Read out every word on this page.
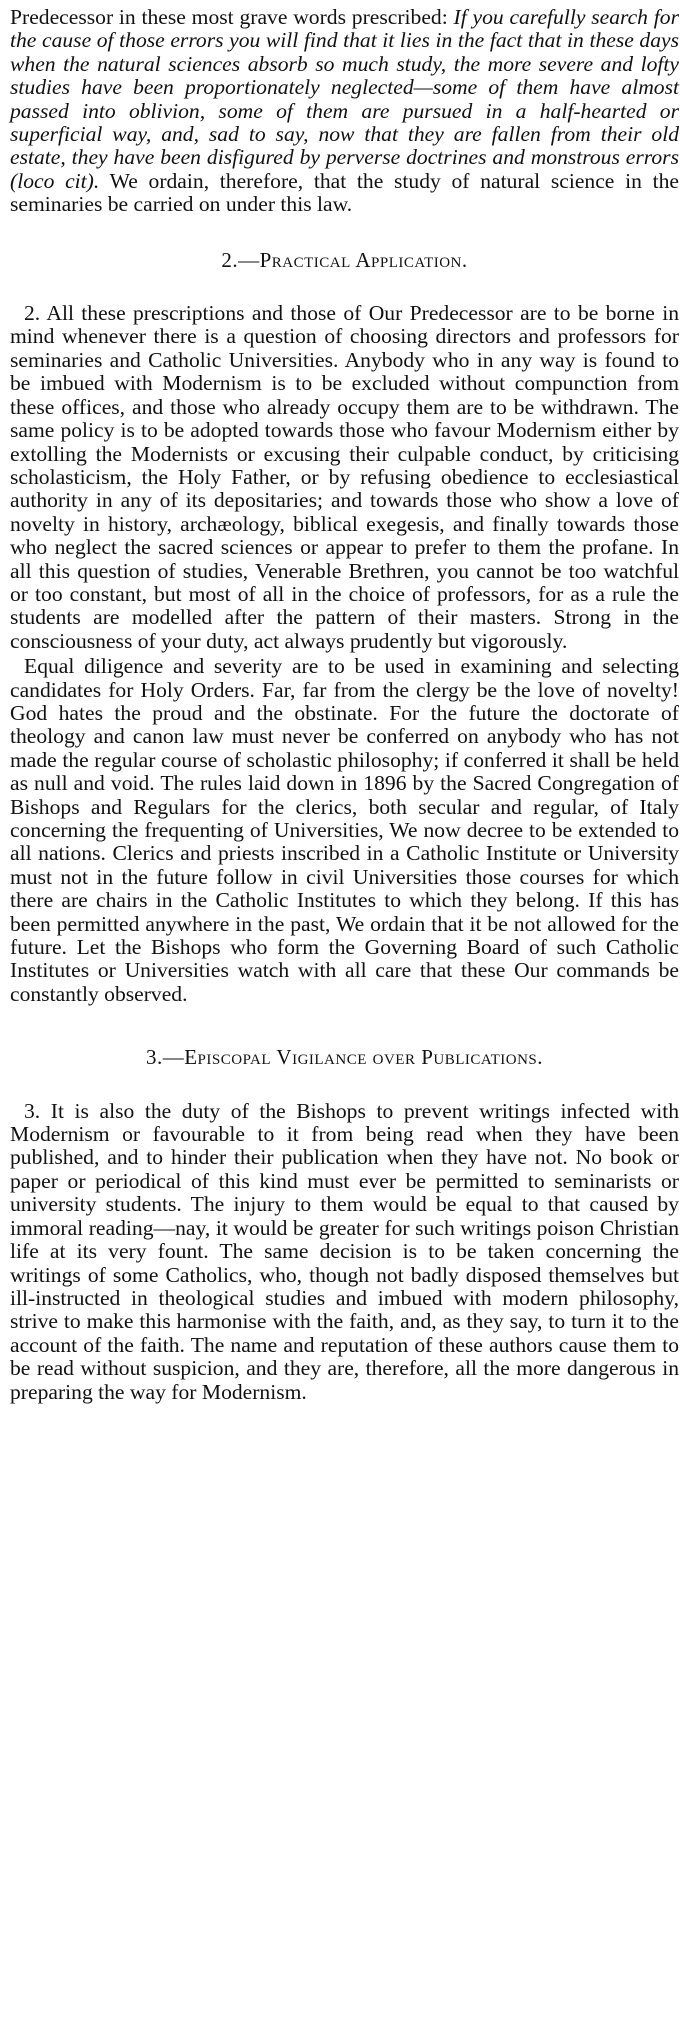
Predecessor in these most grave words prescribed: If you carefully search for the cause of those errors you will find that it lies in the fact that in these days when the natural sciences absorb so much study, the more severe and lofty studies have been proportionately neglected—some of them have almost passed into oblivion, some of them are pursued in a half-hearted or superficial way, and, sad to say, now that they are fallen from their old estate, they have been disfigured by perverse doctrines and monstrous errors (loco cit). We ordain, therefore, that the study of natural science in the seminaries be carried on under this law.

2.—Practical Application.

2. All these prescriptions and those of Our Predecessor are to be borne in mind whenever there is a question of choosing directors and professors for seminaries and Catholic Universities. Anybody who in any way is found to be imbued with Modernism is to be excluded without compunction from these offices, and those who already occupy them are to be withdrawn. The same policy is to be adopted towards those who favour Modernism either by extolling the Modernists or excusing their culpable conduct, by criticising scholasticism, the Holy Father, or by refusing obedience to ecclesiastical authority in any of its depositaries; and towards those who show a love of novelty in history, archæology, biblical exegesis, and finally towards those who neglect the sacred sciences or appear to prefer to them the profane. In all this question of studies, Venerable Brethren, you cannot be too watchful or too constant, but most of all in the choice of professors, for as a rule the students are modelled after the pattern of their masters. Strong in the consciousness of your duty, act always prudently but vigorously.

Equal diligence and severity are to be used in examining and selecting candidates for Holy Orders. Far, far from the clergy be the love of novelty! God hates the proud and the obstinate. For the future the doctorate of theology and canon law must never be conferred on anybody who has not made the regular course of scholastic philosophy; if conferred it shall be held as null and void. The rules laid down in 1896 by the Sacred Congregation of Bishops and Regulars for the clerics, both secular and regular, of Italy concerning the frequenting of Universities, We now decree to be extended to all nations. Clerics and priests inscribed in a Catholic Institute or University must not in the future follow in civil Universities those courses for which there are chairs in the Catholic Institutes to which they belong. If this has been permitted anywhere in the past, We ordain that it be not allowed for the future. Let the Bishops who form the Governing Board of such Catholic Institutes or Universities watch with all care that these Our commands be constantly observed.

3.—Episcopal Vigilance over Publications.

3. It is also the duty of the Bishops to prevent writings infected with Modernism or favourable to it from being read when they have been published, and to hinder their publication when they have not. No book or paper or periodical of this kind must ever be permitted to seminarists or university students. The injury to them would be equal to that caused by immoral reading—nay, it would be greater for such writings poison Christian life at its very fount. The same decision is to be taken concerning the writings of some Catholics, who, though not badly disposed themselves but ill-instructed in theological studies and imbued with modern philosophy, strive to make this harmonise with the faith, and, as they say, to turn it to the account of the faith. The name and reputation of these authors cause them to be read without suspicion, and they are, therefore, all the more dangerous in preparing the way for Modernism.
